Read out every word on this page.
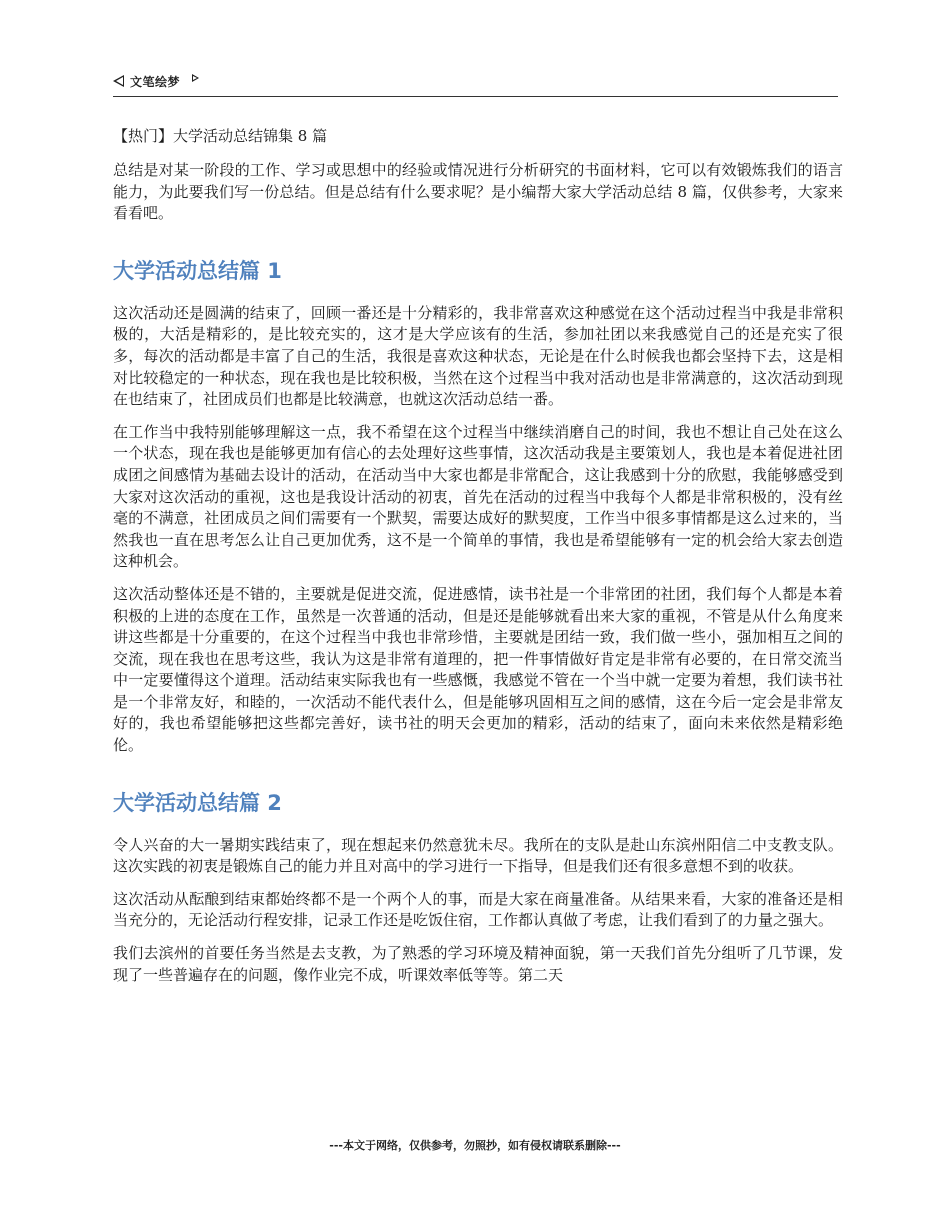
文笔绘梦
【热门】大学活动总结锦集 8 篇

总结是对某一阶段的工作、学习或思想中的经验或情况进行分析研究的书面材料，它可以有效锻炼我们的语言能力，为此要我们写一份总结。但是总结有什么要求呢？是小编帮大家大学活动总结 8 篇，仅供参考，大家来看看吧。

大学活动总结篇 1

这次活动还是圆满的结束了，回顾一番还是十分精彩的，我非常喜欢这种感觉在这个活动过程当中我是非常积极的，大活是精彩的，是比较充实的，这才是大学应该有的生活，参加社团以来我感觉自己的还是充实了很多，每次的活动都是丰富了自己的生活，我很是喜欢这种状态，无论是在什么时候我也都会坚持下去，这是相对比较稳定的一种状态，现在我也是比较积极，当然在这个过程当中我对活动也是非常满意的，这次活动到现在也结束了，社团成员们也都是比较满意，也就这次活动总结一番。

在工作当中我特别能够理解这一点，我不希望在这个过程当中继续消磨自己的时间，我也不想让自己处在这么一个状态，现在我也是能够更加有信心的去处理好这些事情，这次活动我是主要策划人，我也是本着促进社团成团之间感情为基础去设计的活动，在活动当中大家也都是非常配合，这让我感到十分的欣慰，我能够感受到大家对这次活动的重视，这也是我设计活动的初衷，首先在活动的过程当中我每个人都是非常积极的，没有丝毫的不满意，社团成员之间们需要有一个默契，需要达成好的默契度，工作当中很多事情都是这么过来的，当然我也一直在思考怎么让自己更加优秀，这不是一个简单的事情，我也是希望能够有一定的机会给大家去创造这种机会。

这次活动整体还是不错的，主要就是促进交流，促进感情，读书社是一个非常团的社团，我们每个人都是本着积极的上进的态度在工作，虽然是一次普通的活动，但是还是能够就看出来大家的重视，不管是从什么角度来讲这些都是十分重要的，在这个过程当中我也非常珍惜，主要就是团结一致，我们做一些小，强加相互之间的交流，现在我也在思考这些，我认为这是非常有道理的，把一件事情做好肯定是非常有必要的，在日常交流当中一定要懂得这个道理。活动结束实际我也有一些感慨，我感觉不管在一个当中就一定要为着想，我们读书社是一个非常友好，和睦的，一次活动不能代表什么，但是能够巩固相互之间的感情，这在今后一定会是非常友好的，我也希望能够把这些都完善好，读书社的明天会更加的精彩，活动的结束了，面向未来依然是精彩绝伦。

大学活动总结篇 2

令人兴奋的大一暑期实践结束了，现在想起来仍然意犹未尽。我所在的支队是赴山东滨州阳信二中支教支队。这次实践的初衷是锻炼自己的能力并且对高中的学习进行一下指导，但是我们还有很多意想不到的收获。

这次活动从酝酿到结束都始终都不是一个两个人的事，而是大家在商量准备。从结果来看，大家的准备还是相当充分的，无论活动行程安排，记录工作还是吃饭住宿，工作都认真做了考虑，让我们看到了的力量之强大。

我们去滨州的首要任务当然是去支教，为了熟悉的学习环境及精神面貌，第一天我们首先分组听了几节课，发现了一些普遍存在的问题，像作业完不成，听课效率低等等。第二天

---本文于网络，仅供参考，勿照抄，如有侵权请联系删除---
